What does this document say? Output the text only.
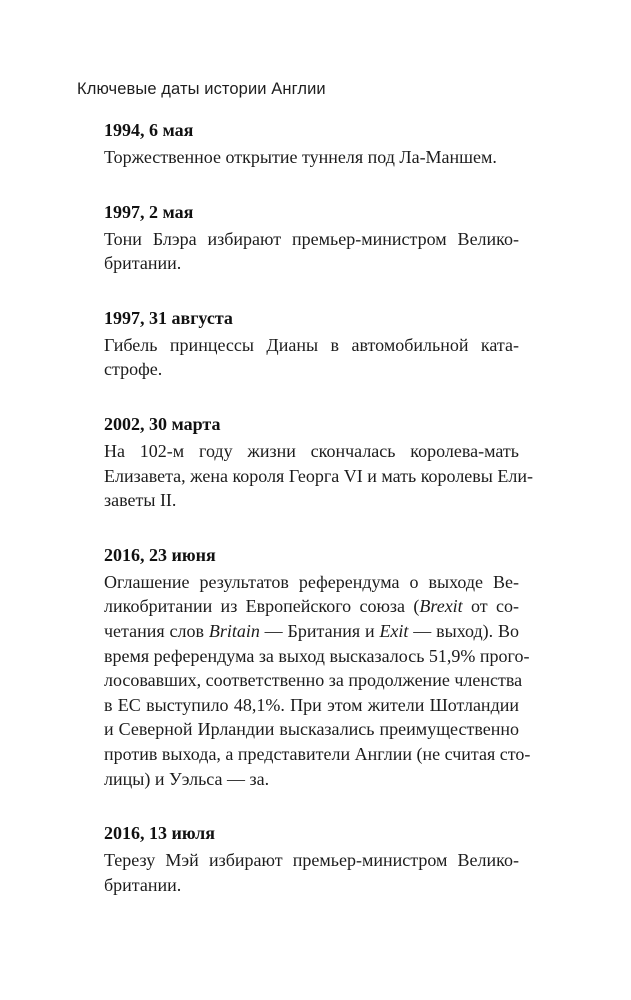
Ключевые даты истории Англии
1994, 6 мая
Торжественное открытие туннеля под Ла-Маншем.
1997, 2 мая
Тони Блэра избирают премьер-министром Велико-
британии.
1997, 31 августа
Гибель принцессы Дианы в автомобильной ката-
строфе.
2002, 30 марта
На 102-м году жизни скончалась королева-мать
Елизавета, жена короля Георга VI и мать королевы Ели-
заветы II.
2016, 23 июня
Оглашение результатов референдума о выходе Ве-
ликобритании из Европейского союза (Brexit от со-
четания слов Britain — Британия и Exit — выход). Во
время референдума за выход высказалось 51,9% прого-
лосовавших, соответственно за продолжение членства
в ЕС выступило 48,1%. При этом жители Шотландии
и Северной Ирландии высказались преимущественно
против выхода, а представители Англии (не считая сто-
лицы) и Уэльса — за.
2016, 13 июля
Терезу Мэй избирают премьер-министром Велико-
британии.
